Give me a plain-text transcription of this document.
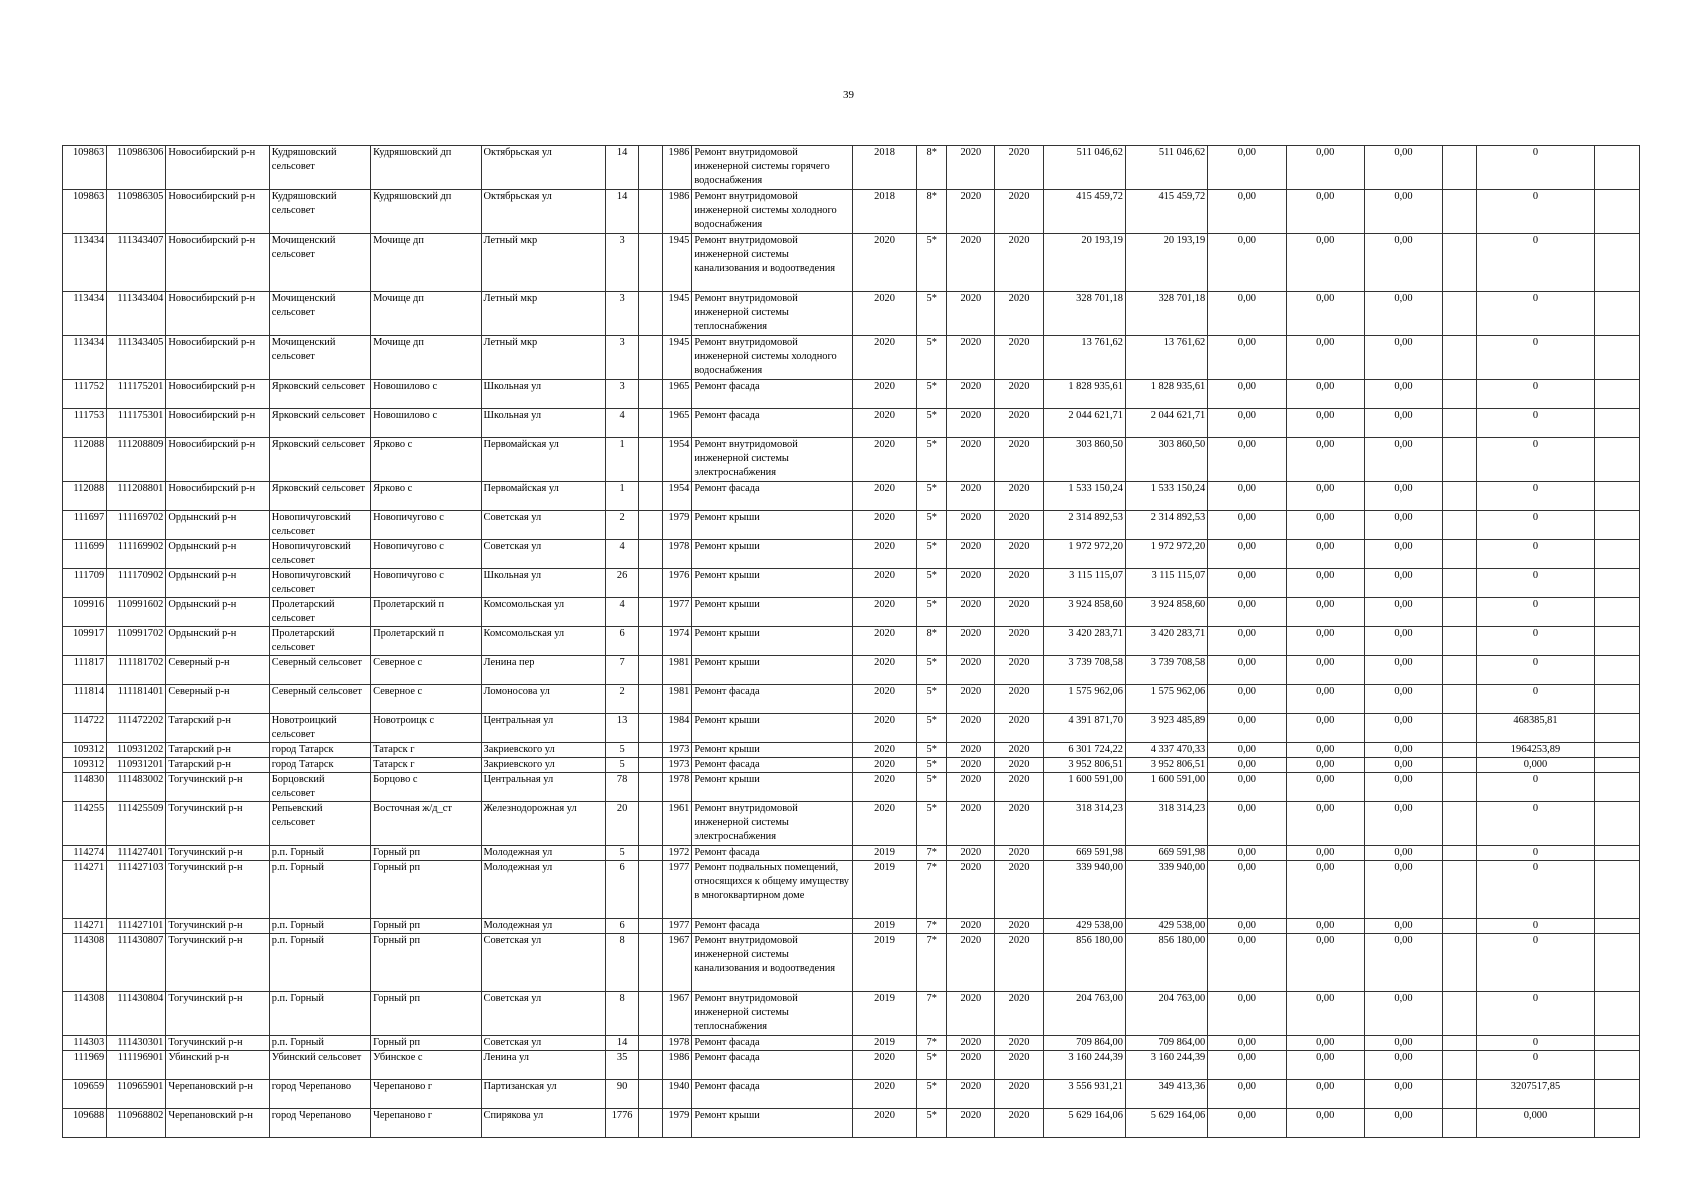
39
109863	110986306	Новосибирский р-н	Кудряшовский сельсовет	Кудряшовский дп	Октябрьская ул	14		1986	Ремонт внутридомовой инженерной системы горячего водоснабжения	2018	8*	2020	2020	511 046,62	511 046,62	0,00	0,00	0,00		0	
109863	110986305	Новосибирский р-н	Кудряшовский сельсовет	Кудряшовский дп	Октябрьская ул	14		1986	Ремонт внутридомовой инженерной системы холодного водоснабжения	2018	8*	2020	2020	415 459,72	415 459,72	0,00	0,00	0,00		0	
113434	111343407	Новосибирский р-н	Мочищенский сельсовет	Мочище дп	Летный мкр	3		1945	Ремонт внутридомовой инженерной системы канализования и водоотведения	2020	5*	2020	2020	20 193,19	20 193,19	0,00	0,00	0,00		0	
113434	111343404	Новосибирский р-н	Мочищенский сельсовет	Мочище дп	Летный мкр	3		1945	Ремонт внутридомовой инженерной системы теплоснабжения	2020	5*	2020	2020	328 701,18	328 701,18	0,00	0,00	0,00		0	
113434	111343405	Новосибирский р-н	Мочищенский сельсовет	Мочище дп	Летный мкр	3		1945	Ремонт внутридомовой инженерной системы холодного водоснабжения	2020	5*	2020	2020	13 761,62	13 761,62	0,00	0,00	0,00		0	
111752	111175201	Новосибирский р-н	Ярковский сельсовет	Новошилово с	Школьная ул	3		1965	Ремонт фасада	2020	5*	2020	2020	1 828 935,61	1 828 935,61	0,00	0,00	0,00		0	
111753	111175301	Новосибирский р-н	Ярковский сельсовет	Новошилово с	Школьная ул	4		1965	Ремонт фасада	2020	5*	2020	2020	2 044 621,71	2 044 621,71	0,00	0,00	0,00		0	
112088	111208809	Новосибирский р-н	Ярковский сельсовет	Ярково с	Первомайская ул	1		1954	Ремонт внутридомовой инженерной системы электроснабжения	2020	5*	2020	2020	303 860,50	303 860,50	0,00	0,00	0,00		0	
112088	111208801	Новосибирский р-н	Ярковский сельсовет	Ярково с	Первомайская ул	1		1954	Ремонт фасада	2020	5*	2020	2020	1 533 150,24	1 533 150,24	0,00	0,00	0,00		0	
111697	111169702	Ордынский р-н	Новопичуговский сельсовет	Новопичугово с	Советская ул	2		1979	Ремонт крыши	2020	5*	2020	2020	2 314 892,53	2 314 892,53	0,00	0,00	0,00		0	
111699	111169902	Ордынский р-н	Новопичуговский сельсовет	Новопичугово с	Советская ул	4		1978	Ремонт крыши	2020	5*	2020	2020	1 972 972,20	1 972 972,20	0,00	0,00	0,00		0	
111709	111170902	Ордынский р-н	Новопичуговский сельсовет	Новопичугово с	Школьная ул	26		1976	Ремонт крыши	2020	5*	2020	2020	3 115 115,07	3 115 115,07	0,00	0,00	0,00		0	
109916	110991602	Ордынский р-н	Пролетарский сельсовет	Пролетарский п	Комсомольская ул	4		1977	Ремонт крыши	2020	5*	2020	2020	3 924 858,60	3 924 858,60	0,00	0,00	0,00		0	
109917	110991702	Ордынский р-н	Пролетарский сельсовет	Пролетарский п	Комсомольская ул	6		1974	Ремонт крыши	2020	8*	2020	2020	3 420 283,71	3 420 283,71	0,00	0,00	0,00		0	
111817	111181702	Северный р-н	Северный сельсовет	Северное с	Ленина пер	7		1981	Ремонт крыши	2020	5*	2020	2020	3 739 708,58	3 739 708,58	0,00	0,00	0,00		0	
111814	111181401	Северный р-н	Северный сельсовет	Северное с	Ломоносова ул	2		1981	Ремонт фасада	2020	5*	2020	2020	1 575 962,06	1 575 962,06	0,00	0,00	0,00		0	
114722	111472202	Татарский р-н	Новотроицкий сельсовет	Новотроицк с	Центральная ул	13		1984	Ремонт крыши	2020	5*	2020	2020	4 391 871,70	3 923 485,89	0,00	0,00	0,00		468385,81	
109312	110931202	Татарский р-н	город Татарск	Татарск г	Закриевского ул	5		1973	Ремонт крыши	2020	5*	2020	2020	6 301 724,22	4 337 470,33	0,00	0,00	0,00		1964253,89	
109312	110931201	Татарский р-н	город Татарск	Татарск г	Закриевского ул	5		1973	Ремонт фасада	2020	5*	2020	2020	3 952 806,51	3 952 806,51	0,00	0,00	0,00		0,000	
114830	111483002	Тогучинский р-н	Борцовский сельсовет	Борцово с	Центральная ул	78		1978	Ремонт крыши	2020	5*	2020	2020	1 600 591,00	1 600 591,00	0,00	0,00	0,00		0	
114255	111425509	Тогучинский р-н	Репьевский сельсовет	Восточная ж/д_ст	Железнодорожная ул	20		1961	Ремонт внутридомовой инженерной системы электроснабжения	2020	5*	2020	2020	318 314,23	318 314,23	0,00	0,00	0,00		0	
114274	111427401	Тогучинский р-н	р.п. Горный	Горный рп	Молодежная ул	5		1972	Ремонт фасада	2019	7*	2020	2020	669 591,98	669 591,98	0,00	0,00	0,00		0	
114271	111427103	Тогучинский р-н	р.п. Горный	Горный рп	Молодежная ул	6		1977	Ремонт подвальных помещений, относящихся к общему имуществу в многоквартирном доме	2019	7*	2020	2020	339 940,00	339 940,00	0,00	0,00	0,00		0	
114271	111427101	Тогучинский р-н	р.п. Горный	Горный рп	Молодежная ул	6		1977	Ремонт фасада	2019	7*	2020	2020	429 538,00	429 538,00	0,00	0,00	0,00		0	
114308	111430807	Тогучинский р-н	р.п. Горный	Горный рп	Советская ул	8		1967	Ремонт внутридомовой инженерной системы канализования и водоотведения	2019	7*	2020	2020	856 180,00	856 180,00	0,00	0,00	0,00		0	
114308	111430804	Тогучинский р-н	р.п. Горный	Горный рп	Советская ул	8		1967	Ремонт внутридомовой инженерной системы теплоснабжения	2019	7*	2020	2020	204 763,00	204 763,00	0,00	0,00	0,00		0	
114303	111430301	Тогучинский р-н	р.п. Горный	Горный рп	Советская ул	14		1978	Ремонт фасада	2019	7*	2020	2020	709 864,00	709 864,00	0,00	0,00	0,00		0	
111969	111196901	Убинский р-н	Убинский сельсовет	Убинское с	Ленина ул	35		1986	Ремонт фасада	2020	5*	2020	2020	3 160 244,39	3 160 244,39	0,00	0,00	0,00		0	
109659	110965901	Черепановский р-н	город Черепаново	Черепаново г	Партизанская ул	90		1940	Ремонт фасада	2020	5*	2020	2020	3 556 931,21	349 413,36	0,00	0,00	0,00		3207517,85	
109688	110968802	Черепановский р-н	город Черепаново	Черепаново г	Спирякова ул	1776		1979	Ремонт крыши	2020	5*	2020	2020	5 629 164,06	5 629 164,06	0,00	0,00	0,00		0,000	
